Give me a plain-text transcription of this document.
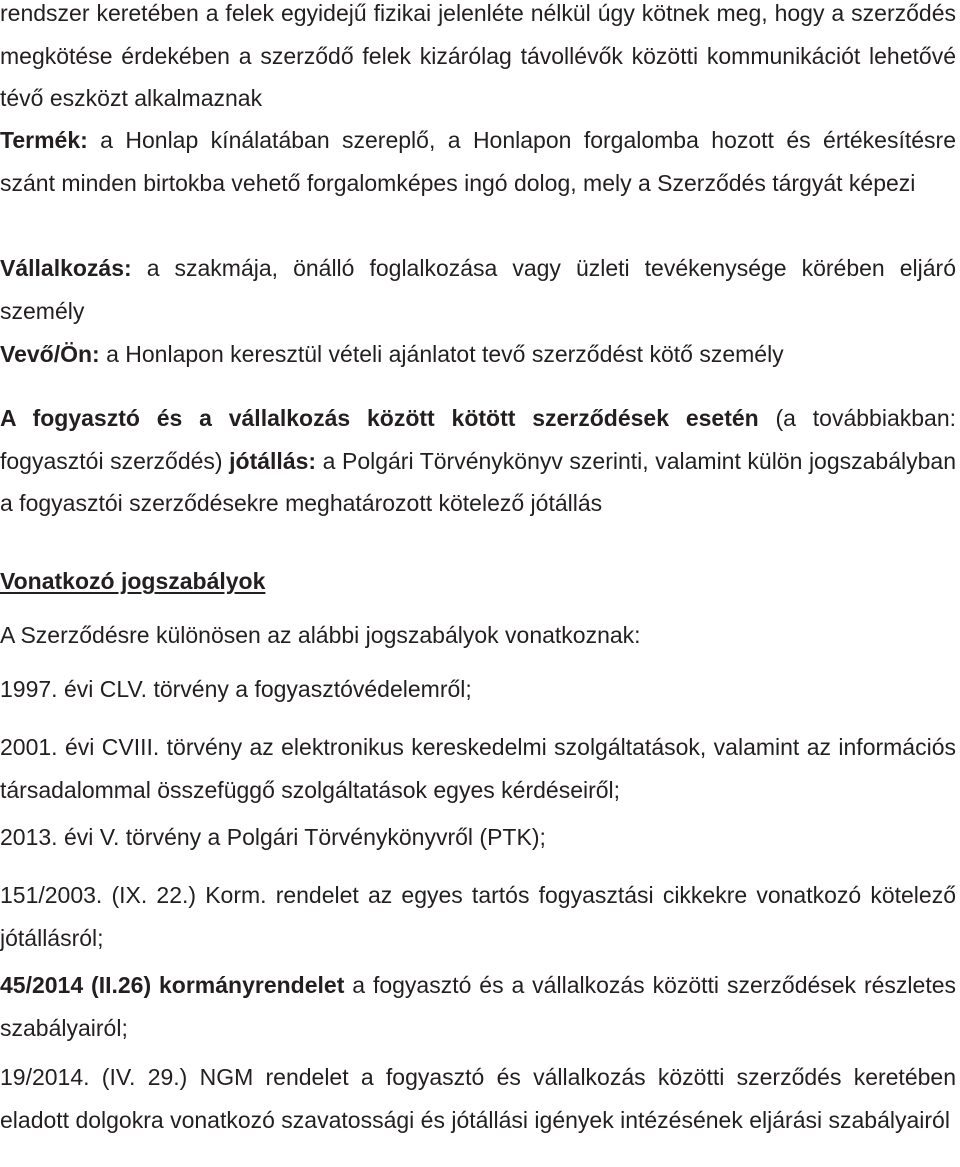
rendszer keretében a felek egyidejű fizikai jelenléte nélkül úgy kötnek meg, hogy a szerződés megkötése érdekében a szerződő felek kizárólag távollévők közötti kommunikációt lehetővé tévő eszközt alkalmaznak

Termék: a Honlap kínálatában szereplő, a Honlapon forgalomba hozott és értékesítésre szánt minden birtokba vehető forgalomképes ingó dolog, mely a Szerződés tárgyát képezi

Vállalkozás: a szakmája, önálló foglalkozása vagy üzleti tevékenysége körében eljáró személy

Vevő/Ön: a Honlapon keresztül vételi ajánlatot tevő szerződést kötő személy

A fogyasztó és a vállalkozás között kötött szerződések esetén (a továbbiakban: fogyasztói szerződés) jótállás: a Polgári Törvénykönyv szerinti, valamint külön jogszabályban a fogyasztói szerződésekre meghatározott kötelező jótállás

Vonatkozó jogszabályok

A Szerződésre különösen az alábbi jogszabályok vonatkoznak:

1997. évi CLV. törvény a fogyasztóvédelemről;

2001. évi CVIII. törvény az elektronikus kereskedelmi szolgáltatások, valamint az információs társadalommal összefüggő szolgáltatások egyes kérdéseiről;

2013. évi V. törvény a Polgári Törvénykönyvről (PTK);

151/2003. (IX. 22.) Korm. rendelet az egyes tartós fogyasztási cikkekre vonatkozó kötelező jótállásról;

45/2014 (II.26) kormányrendelet a fogyasztó és a vállalkozás közötti szerződések részletes szabályairól;

19/2014. (IV. 29.) NGM rendelet a fogyasztó és vállalkozás közötti szerződés keretében eladott dolgokra vonatkozó szavatossági és jótállási igények intézésének eljárási szabályairól
